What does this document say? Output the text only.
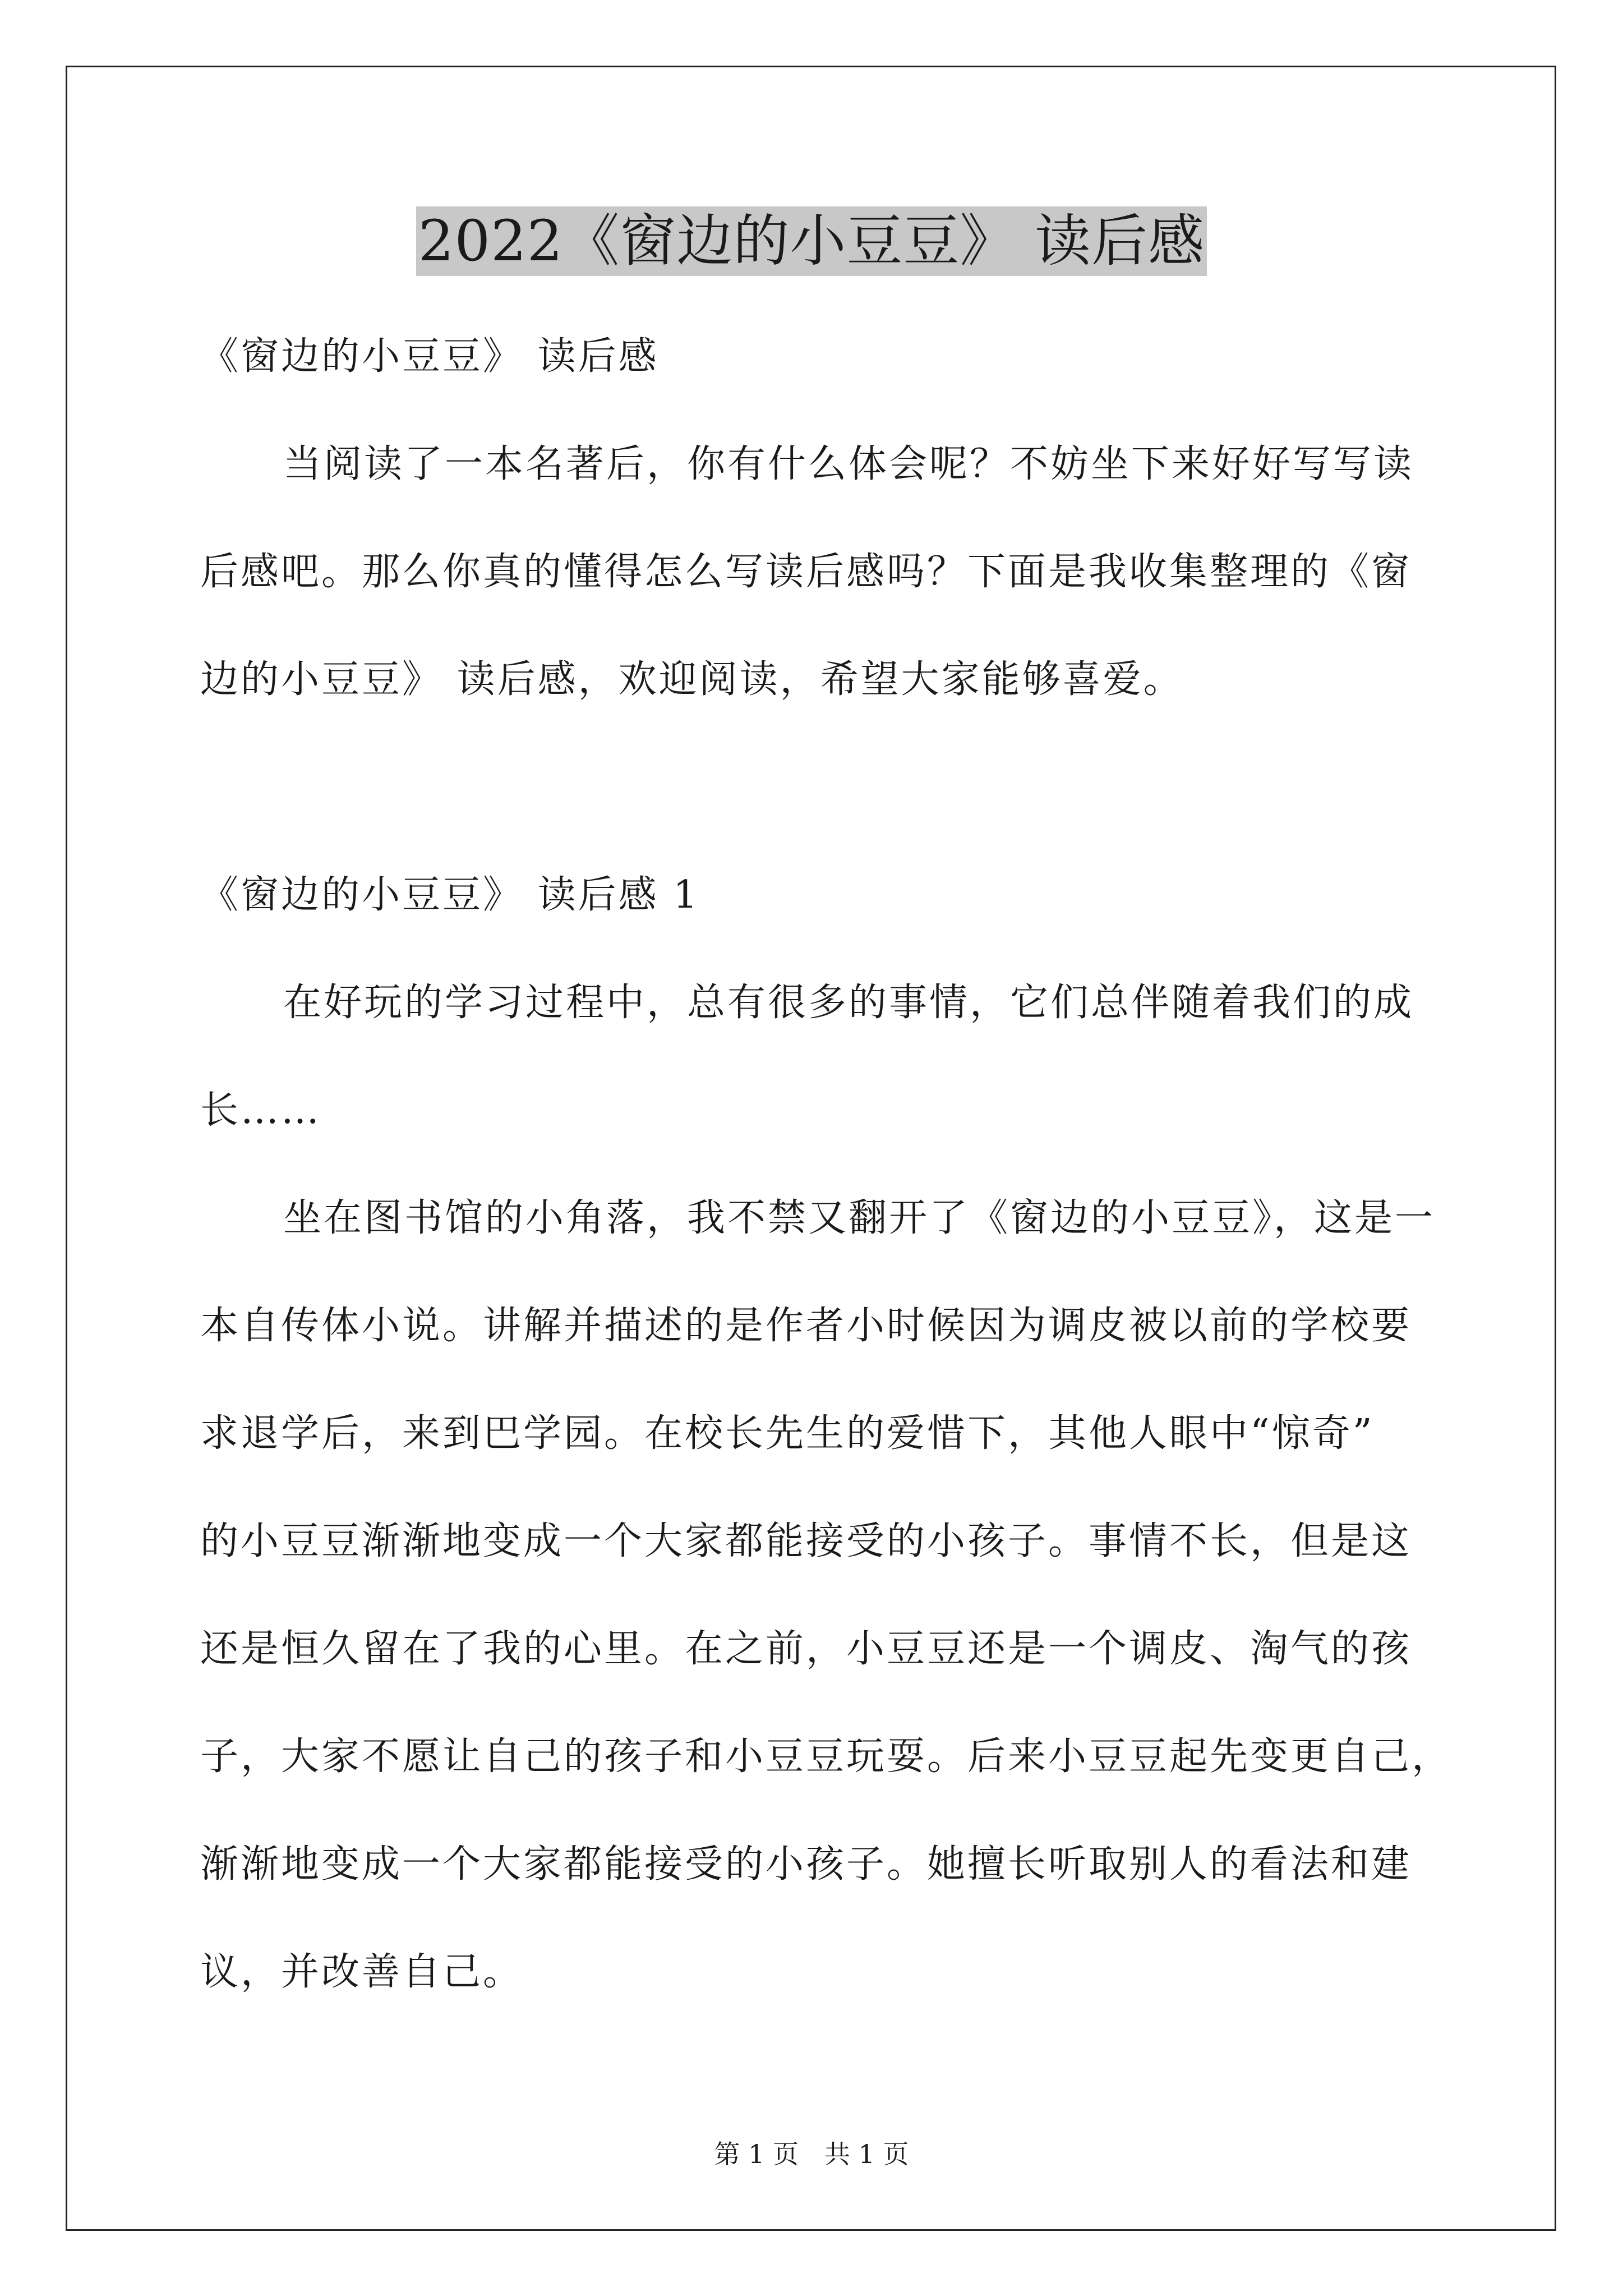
2022《窗边的小豆豆》 读后感
《窗边的小豆豆》 读后感
当阅读了一本名著后，你有什么体会呢？不妨坐下来好好写写读
后感吧。那么你真的懂得怎么写读后感吗？下面是我收集整理的《窗
边的小豆豆》 读后感，欢迎阅读，希望大家能够喜爱。
《窗边的小豆豆》 读后感 1
在好玩的学习过程中，总有很多的事情，它们总伴随着我们的成
长……
坐在图书馆的小角落，我不禁又翻开了《窗边的小豆豆》，这是一
本自传体小说。讲解并描述的是作者小时候因为调皮被以前的学校要
求退学后，来到巴学园。在校长先生的爱惜下，其他人眼中“惊奇”
的小豆豆渐渐地变成一个大家都能接受的小孩子。事情不长，但是这
还是恒久留在了我的心里。在之前，小豆豆还是一个调皮、淘气的孩
子，大家不愿让自己的孩子和小豆豆玩耍。后来小豆豆起先变更自己，
渐渐地变成一个大家都能接受的小孩子。她擅长听取别人的看法和建
议，并改善自己。
第 1 页　共 1 页
